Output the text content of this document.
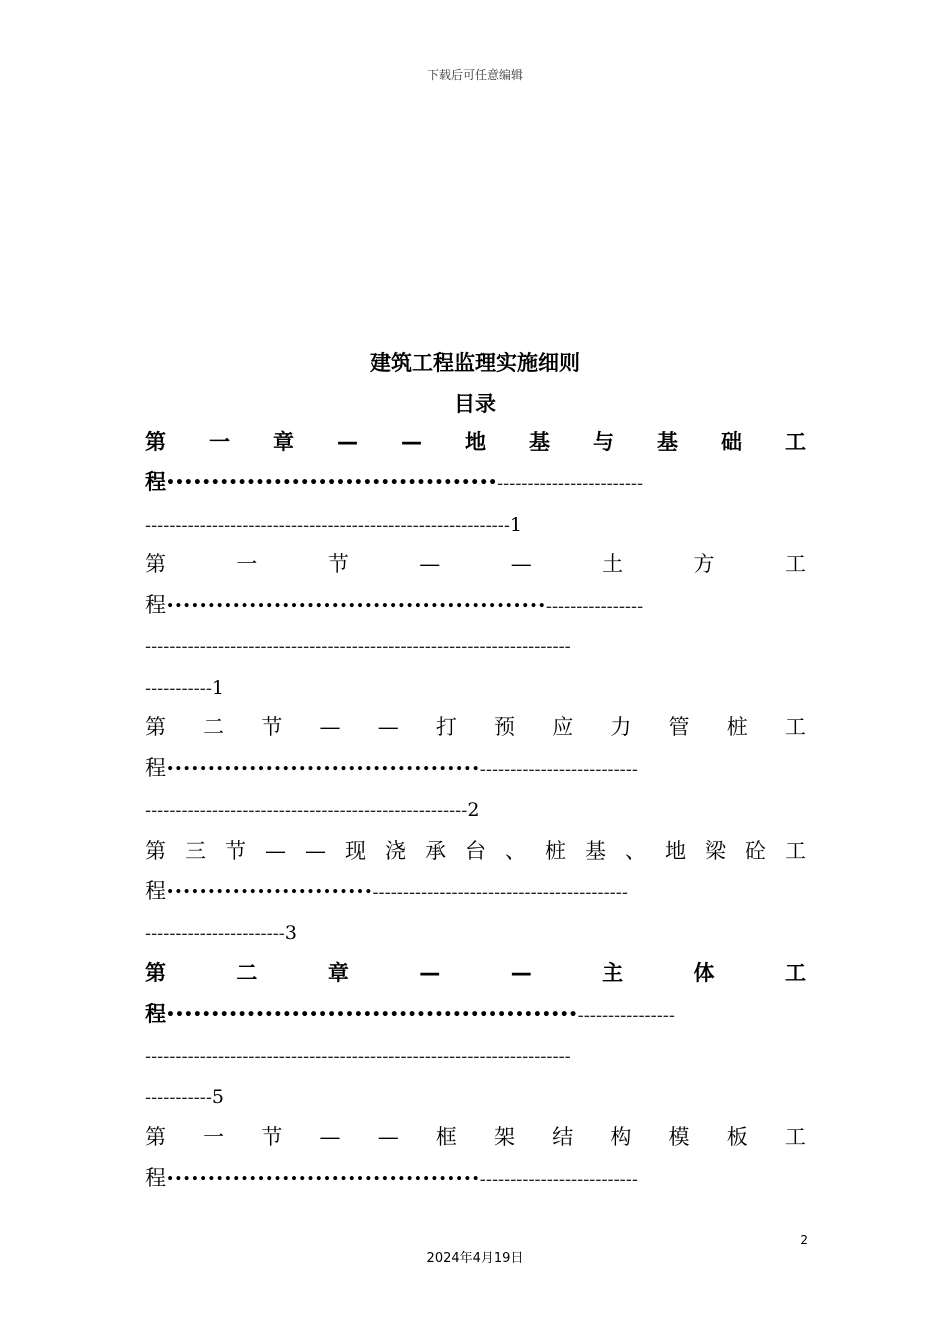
下载后可任意编辑
建筑工程监理实施细则
目录
第 一 章 — — 地 基 与 基 础 工
程•••••••••••••••••••••••••••••••••••••------------------------
------------------------------------------------------------1
第	一	节	—	—	土	方	工
程••••••••••••••••••••••••••••••••••••••••••••••----------------
----------------------------------------------------------------------
-----------1
第 二 节 — — 打 预 应 力 管 桩 工
程••••••••••••••••••••••••••••••••••••••--------------------------
-----------------------------------------------------2
第 三 节 — — 现 浇 承 台 、 桩 基 、 地 梁 砼 工
程•••••••••••••••••••••••••------------------------------------------
-----------------------3
第	二	章	—	—	主	体	工
程••••••••••••••••••••••••••••••••••••••••••••••----------------
----------------------------------------------------------------------
-----------5
第 一 节 — — 框 架 结 构 模 板 工
程••••••••••••••••••••••••••••••••••••••--------------------------
2
2024年4月19日
